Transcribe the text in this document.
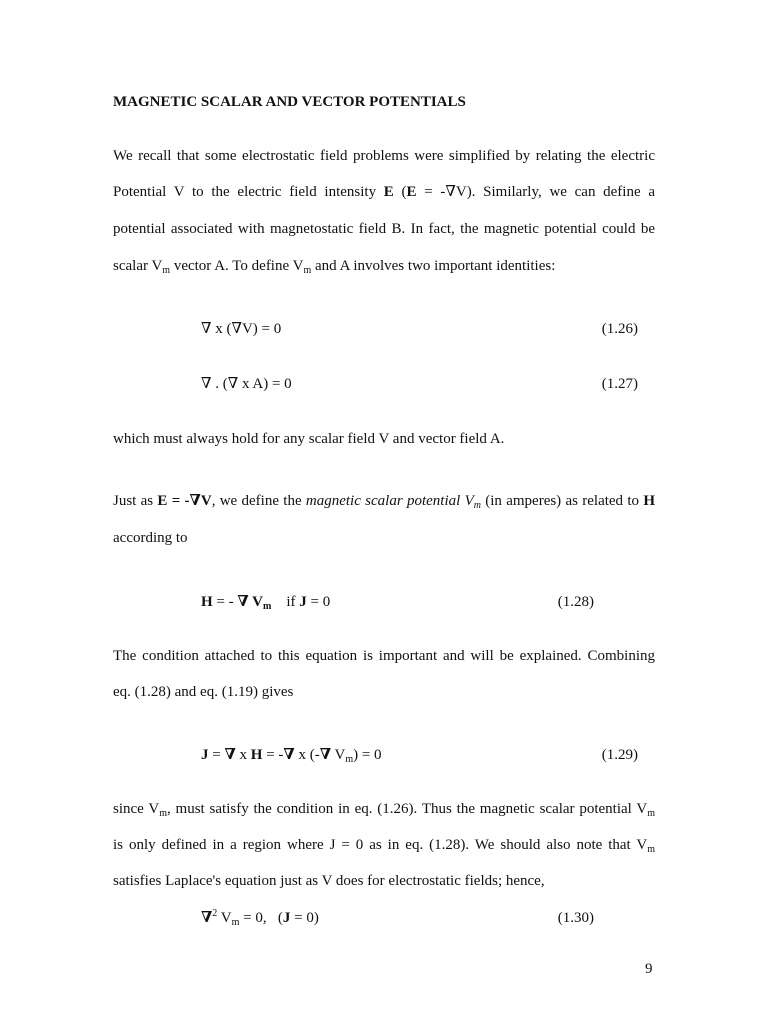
MAGNETIC SCALAR AND VECTOR POTENTIALS
We recall that some electrostatic field problems were simplified by relating the electric
Potential V to the electric field intensity E (E = -∇V). Similarly, we can define a
potential associated with magnetostatic field B. In fact, the magnetic potential could be
scalar $V_m$ vector A. To define $V_m$ and A involves two important identities:
∇ x (∇V) = 0	(1.26)
∇ . (∇ x A) = 0	(1.27)
which must always hold for any scalar field V and vector field A.
Just as E = -∇V, we define the magnetic scalar potential $V_m$ (in amperes) as related to H
according to
H = - ∇ $V_m$    if J = 0	(1.28)
The condition attached to this equation is important and will be explained. Combining
eq. (1.28) and eq. (1.19) gives
J = ∇ x H = -∇ x (-∇ $V_m) = 0$	(1.29)
since $V_m$, must satisfy the condition in eq. (1.26). Thus the magnetic scalar potential $V_m$
is only defined in a region where J = 0 as in eq. (1.28). We should also note that $V_m$
satisfies Laplace's equation just as V does for electrostatic fields; hence,
∇$^2$ $V_m = 0$,   (J = 0)	(1.30)
9
